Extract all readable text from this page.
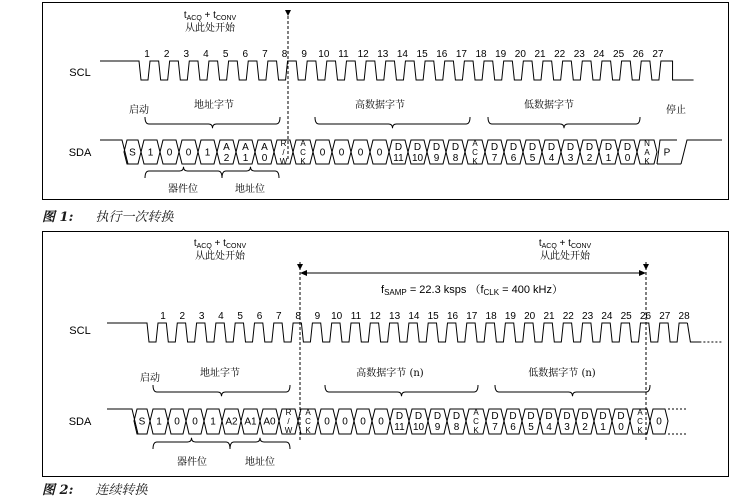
$t_{ACQ} + t_{CONV}$
从此处开始
SCL
1 2 3 4 5 6 7 8 9 10 11 12 13 14 15 16 17 18 19 20 21 22 23 24 25 26 27
SDA
启动	停止
地址字节	高数据字节	低数据字节
S 1 0 0 1 A 2
A 1
A 0
R / W
A C K
0 0 0 0 D 11
D 10
D 9
D 8
A C K
D 7
D 6
D 5
D 4
D 3
D 2
D 1
D 0
N A K
P
器件位	地址位
$t_{ACQ} + t_{CONV}$
从此处开始
$t_{ACQ} + t_{CONV}$
从此处开始
fSAMP = 22.3 ksps （fCLK = 400 kHz）
SCL
1 2 3 4 5 6 7 8 9 10 11 12 13 14 15 16 17 18 19 20 21 22 23 24 25 26 27 28
SDA
启动	地址字节	高数据字节 (n)	低数据字节 (n)
S 1 0 0 1 A2 A1 A0
R / W
A C K
0 0 0 0 D 11
D 10
D 9
D 8
A C K
D 7
D 6
D 5
D 4
D 3
D 2
D 1
D 0
A C K
0
器件位	地址位
图 1: 执行一次转换
图 2: 连续转换
